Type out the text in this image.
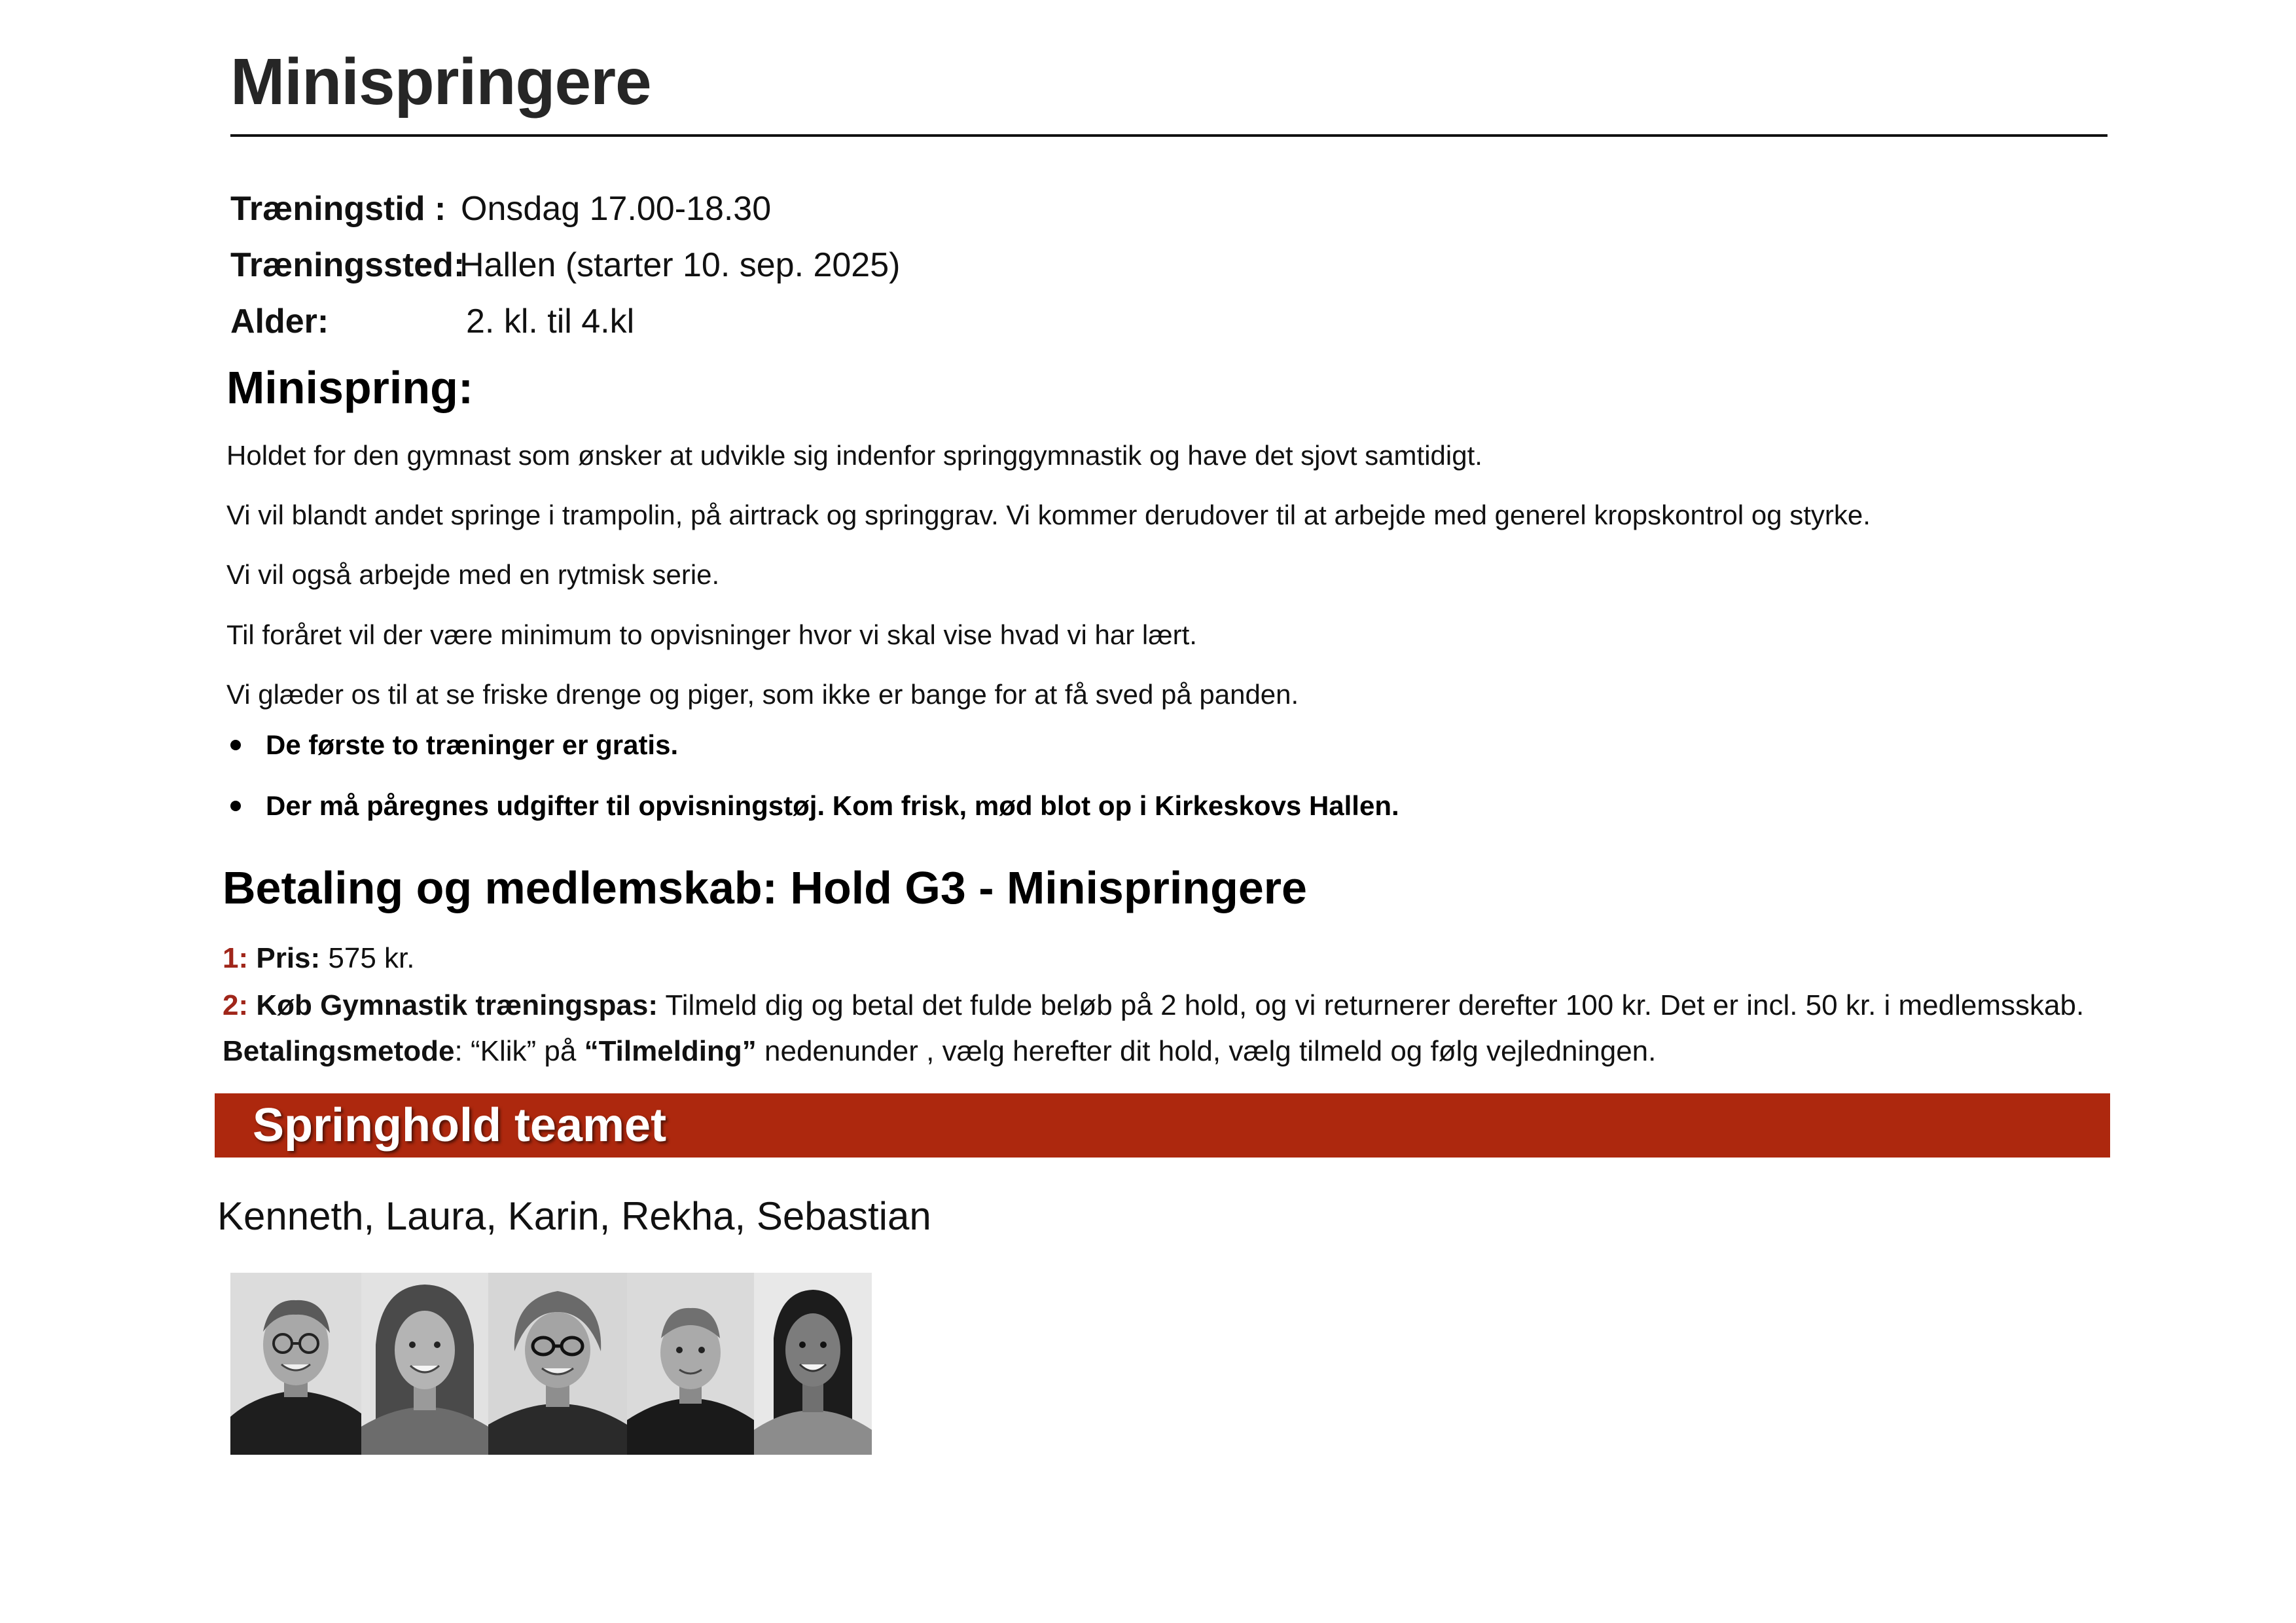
Minispringere
Træningstid : Onsdag 17.00-18.30
Træningssted:
Hallen (starter 10. sep. 2025)
Alder:	2. kl. til 4.kl
Minispring:
Holdet for den gymnast som ønsker at udvikle sig indenfor springgymnastik og have det sjovt samtidigt.
Vi vil blandt andet springe i trampolin, på airtrack og springgrav. Vi kommer derudover til at arbejde med generel kropskontrol og styrke.
Vi vil også arbejde med en rytmisk serie.
Til foråret vil der være minimum to opvisninger hvor vi skal vise hvad vi har lært.
Vi glæder os til at se friske drenge og piger, som ikke er bange for at få sved på panden.
De første to træninger er gratis.
Der må påregnes udgifter til opvisningstøj. Kom frisk, mød blot op i Kirkeskovs Hallen.
Betaling og medlemskab: Hold G3 - Minispringere
1: Pris: 575 kr.
2: Køb Gymnastik træningspas: Tilmeld dig og betal det fulde beløb på 2 hold, og vi returnerer derefter 100 kr. Det er incl. 50 kr. i medlemsskab.
Betalingsmetode: “Klik” på “Tilmelding” nedenunder , vælg herefter dit hold, vælg tilmeld og følg vejledningen.
Springhold teamet
Kenneth, Laura, Karin, Rekha, Sebastian
